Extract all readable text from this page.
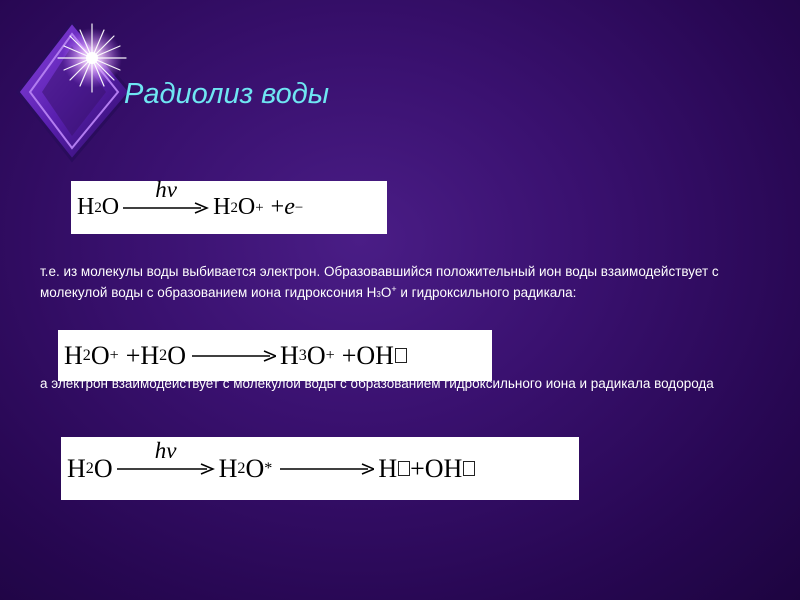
Радиолиз воды
H 2 O
hν
H 2 O + + e −

т.е. из молекулы воды выбивается электрон. Образовавшийся положительный ион воды взаимодействует с молекулой воды с образованием иона гидроксония Н3О+ и гидроксильного радикала:

H 2 O + + H 2 O → H 3 O + + OH

а электрон взаимодействует с молекулой воды с образованием гидроксильного иона и радикала водорода

H 2 O
hν
H 2 O * → H + OH
